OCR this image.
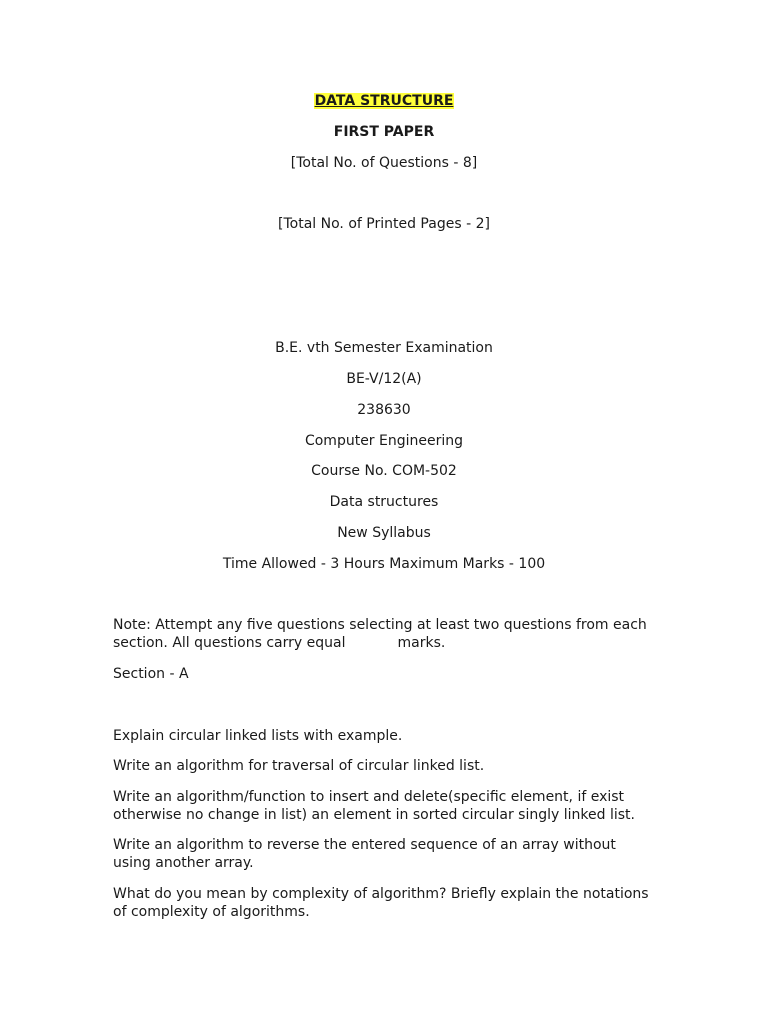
DATA STRUCTURE
FIRST PAPER
[Total No. of Questions - 8]
[Total No. of Printed Pages - 2]
B.E. vth Semester Examination
BE-V/12(A)
238630
Computer Engineering
Course No. COM-502
Data structures
New Syllabus
Time Allowed - 3 Hours Maximum Marks - 100
Note: Attempt any five questions selecting at least two questions from each
section. All questions carry equal	marks.
Section - A
Explain circular linked lists with example.
Write an algorithm for traversal of circular linked list.
Write an algorithm/function to insert and delete(specific element, if exist otherwise no change in list) an element in sorted circular singly linked list.
Write an algorithm to reverse the entered sequence of an array without using another array.
What do you mean by complexity of algorithm? Briefly explain the notations of complexity of algorithms.
